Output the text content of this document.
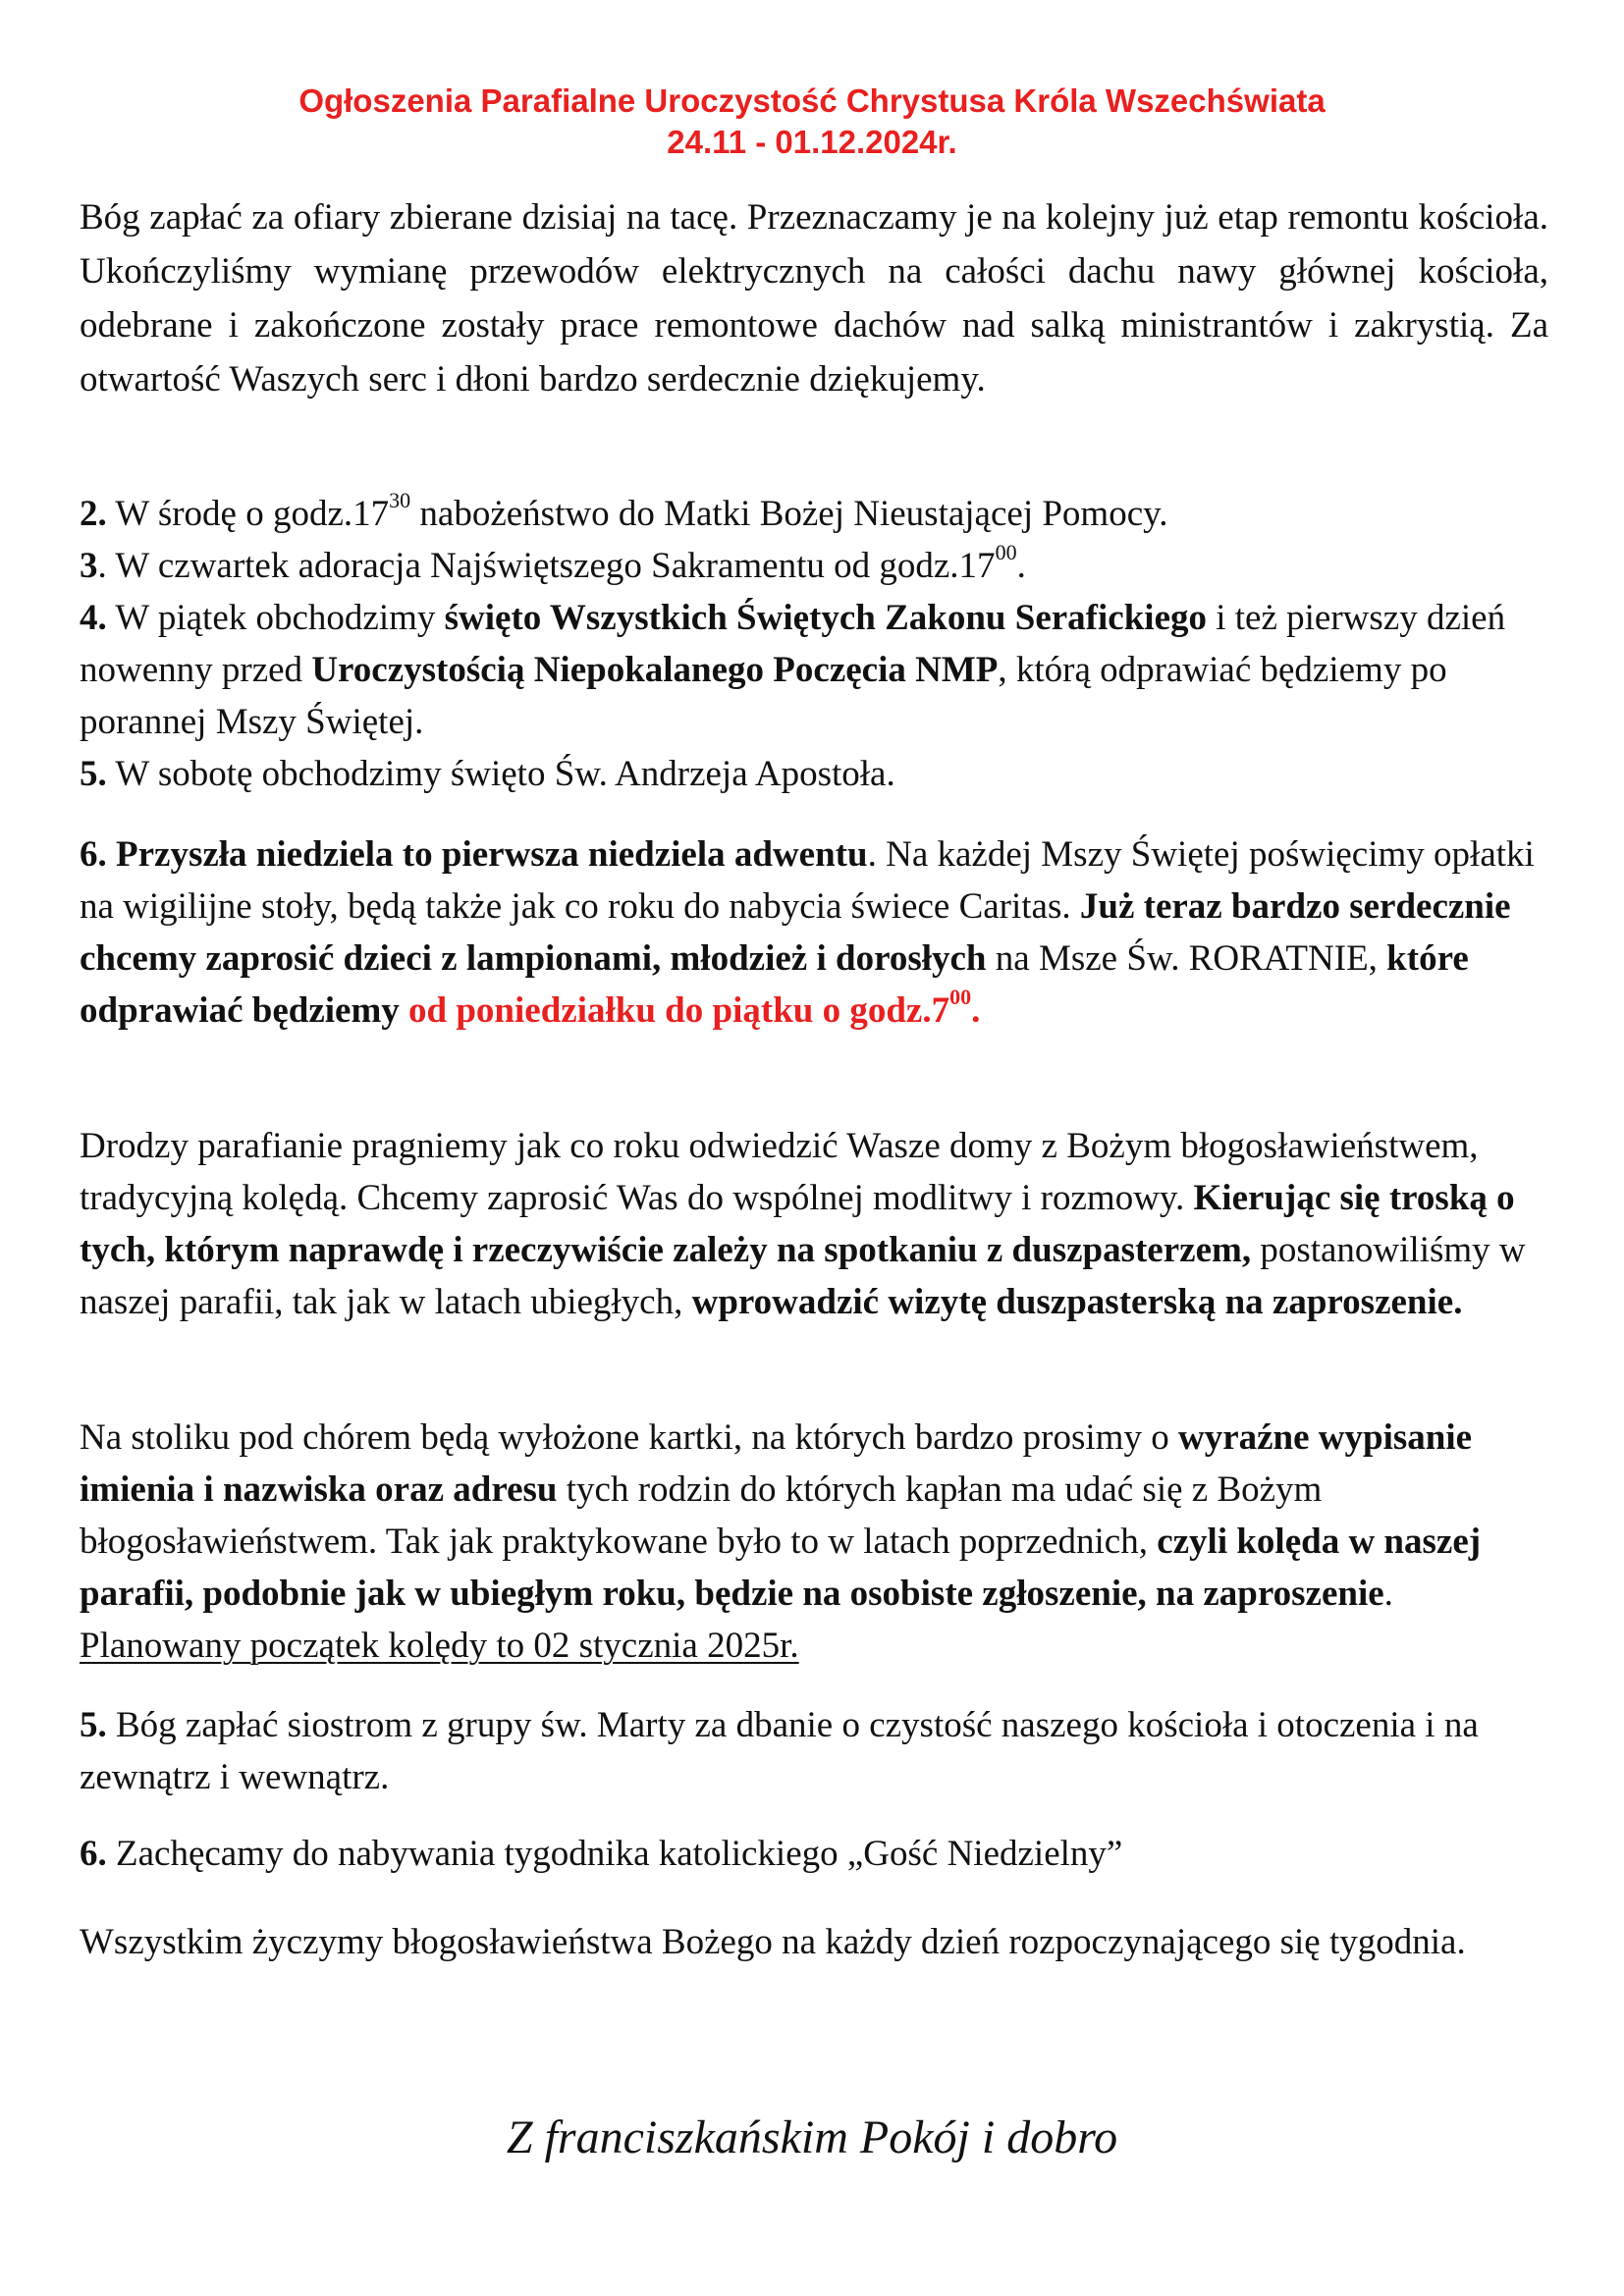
Ogłoszenia Parafialne Uroczystość Chrystusa Króla Wszechświata
24.11 - 01.12.2024r.

Bóg zapłać za ofiary zbierane dzisiaj na tacę. Przeznaczamy je na kolejny już etap remontu kościoła. Ukończyliśmy wymianę przewodów elektrycznych na całości dachu nawy głównej kościoła, odebrane i zakończone zostały prace remontowe dachów nad salką ministrantów i zakrystią. Za otwartość Waszych serc i dłoni bardzo serdecznie dziękujemy.

2. W środę o $godz.17^{30}$ nabożeństwo do Matki Bożej Nieustającej Pomocy.

3. W czwartek adoracja Najświętszego Sakramentu od $godz.17^{00}$.

4. W piątek obchodzimy święto Wszystkich Świętych Zakonu Serafickiego i też pierwszy dzień nowenny przed Uroczystością Niepokalanego Poczęcia NMP, którą odprawiać będziemy po porannej Mszy Świętej.

5. W sobotę obchodzimy święto Św. Andrzeja Apostoła.

6. Przyszła niedziela to pierwsza niedziela adwentu. Na każdej Mszy Świętej poświęcimy opłatki na wigilijne stoły, będą także jak co roku do nabycia świece Caritas. Już teraz bardzo serdecznie chcemy zaprosić dzieci z lampionami, młodzież i dorosłych na Msze Św. RORATNIE, które odprawiać będziemy od poniedziałku do piątku o $godz.7^{00}$.

Drodzy parafianie pragniemy jak co roku odwiedzić Wasze domy z Bożym błogosławieństwem, tradycyjną kolędą. Chcemy zaprosić Was do wspólnej modlitwy i rozmowy. Kierując się troską o tych, którym naprawdę i rzeczywiście zależy na spotkaniu z duszpasterzem, postanowiliśmy w naszej parafii, tak jak w latach ubiegłych, wprowadzić wizytę duszpasterską na zaproszenie.

Na stoliku pod chórem będą wyłożone kartki, na których bardzo prosimy o wyraźne wypisanie imienia i nazwiska oraz adresu tych rodzin do których kapłan ma udać się z Bożym błogosławieństwem. Tak jak praktykowane było to w latach poprzednich, czyli kolęda w naszej parafii, podobnie jak w ubiegłym roku, będzie na osobiste zgłoszenie, na zaproszenie. Planowany początek kolędy to 02 stycznia 2025r.

5. Bóg zapłać siostrom z grupy św. Marty za dbanie o czystość naszego kościoła i otoczenia i na zewnątrz i wewnątrz.

6. Zachęcamy do nabywania tygodnika katolickiego „Gość Niedzielny”

Wszystkim życzymy błogosławieństwa Bożego na każdy dzień rozpoczynającego się tygodnia.

Z franciszkańskim Pokój i dobro
